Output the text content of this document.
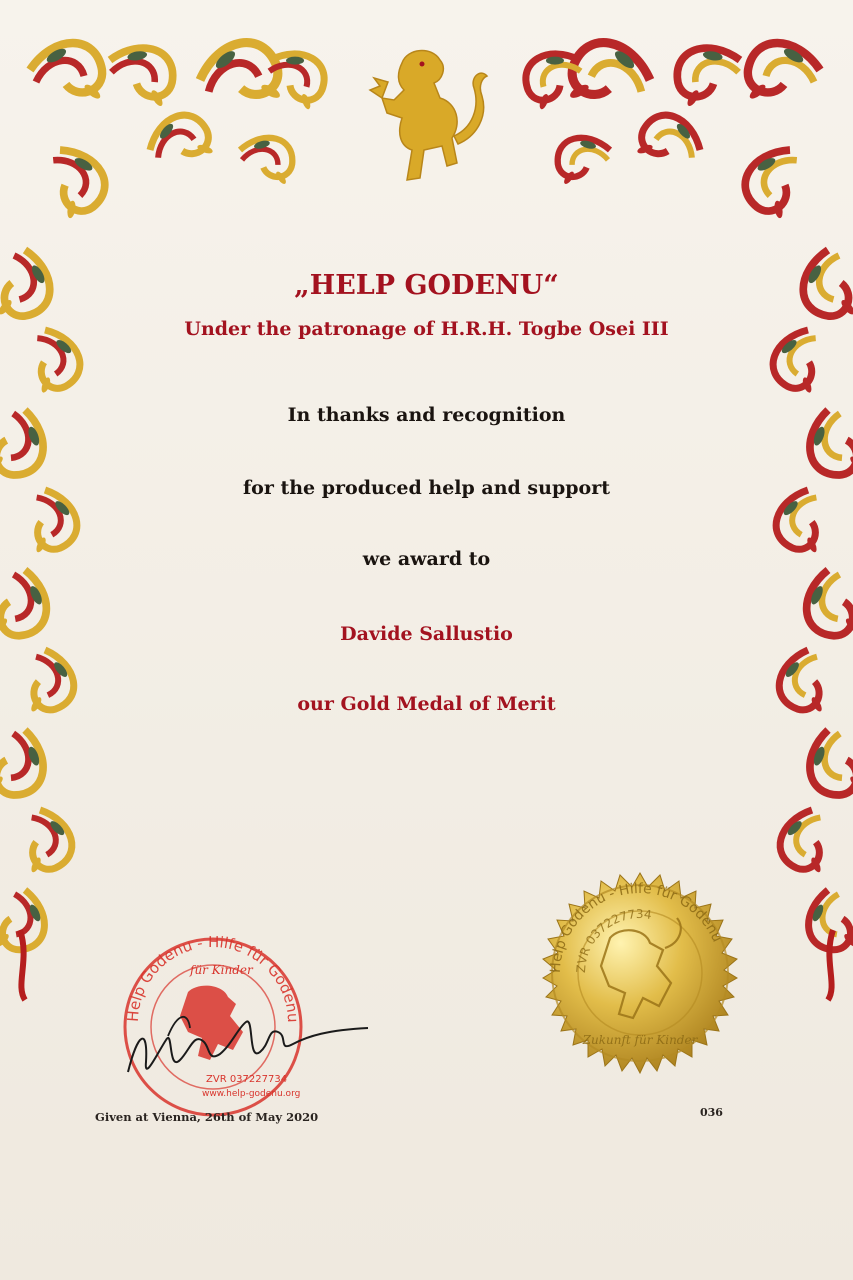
„HELP GODENU“
Under the patronage of H.R.H. Togbe Osei III
In thanks and recognition
for the produced help and support
we award to
Davide Sallustio
our Gold Medal of Merit
Help Godenu - Hilfe für Godenu
für Kinder
ZVR 037227734
www.help-godenu.org
Help Godenu - Hilfe für Godenu
ZVR 037227734
Zukunft für Kinder
Given at Vienna, 26th of May 2020	036
